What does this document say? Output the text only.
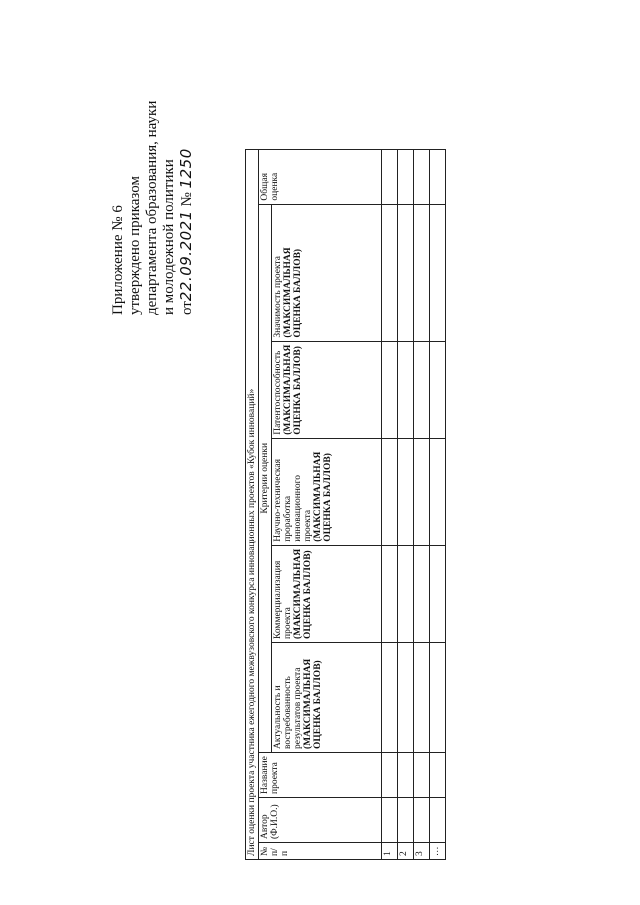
Приложение № 6 утверждено приказом департамента образования, науки и молодежной политики от22.09.2021 № 1250
Лист оценки проекта участника ежегодного межвузовского конкурса инновационных проектов «Кубок инноваций»								
№ п/п	Автор (Ф.И.О.)	Название проекта	Критерии оценки					Общая оценка
			Актуальность и востребованность результатов проекта (МАКСИМАЛЬНАЯ ОЦЕНКА БАЛЛОВ)	Коммерциализация проекта (МАКСИМАЛЬНАЯ ОЦЕНКА БАЛЛОВ)	Научно-техническая проработка инновационного проекта (МАКСИМАЛЬНАЯ ОЦЕНКА БАЛЛОВ)	Патентоспособность (МАКСИМАЛЬНАЯ ОЦЕНКА БАЛЛОВ)	Значимость проекта (МАКСИМАЛЬНАЯ ОЦЕНКА БАЛЛОВ)	

1								
2								
3								
…								
